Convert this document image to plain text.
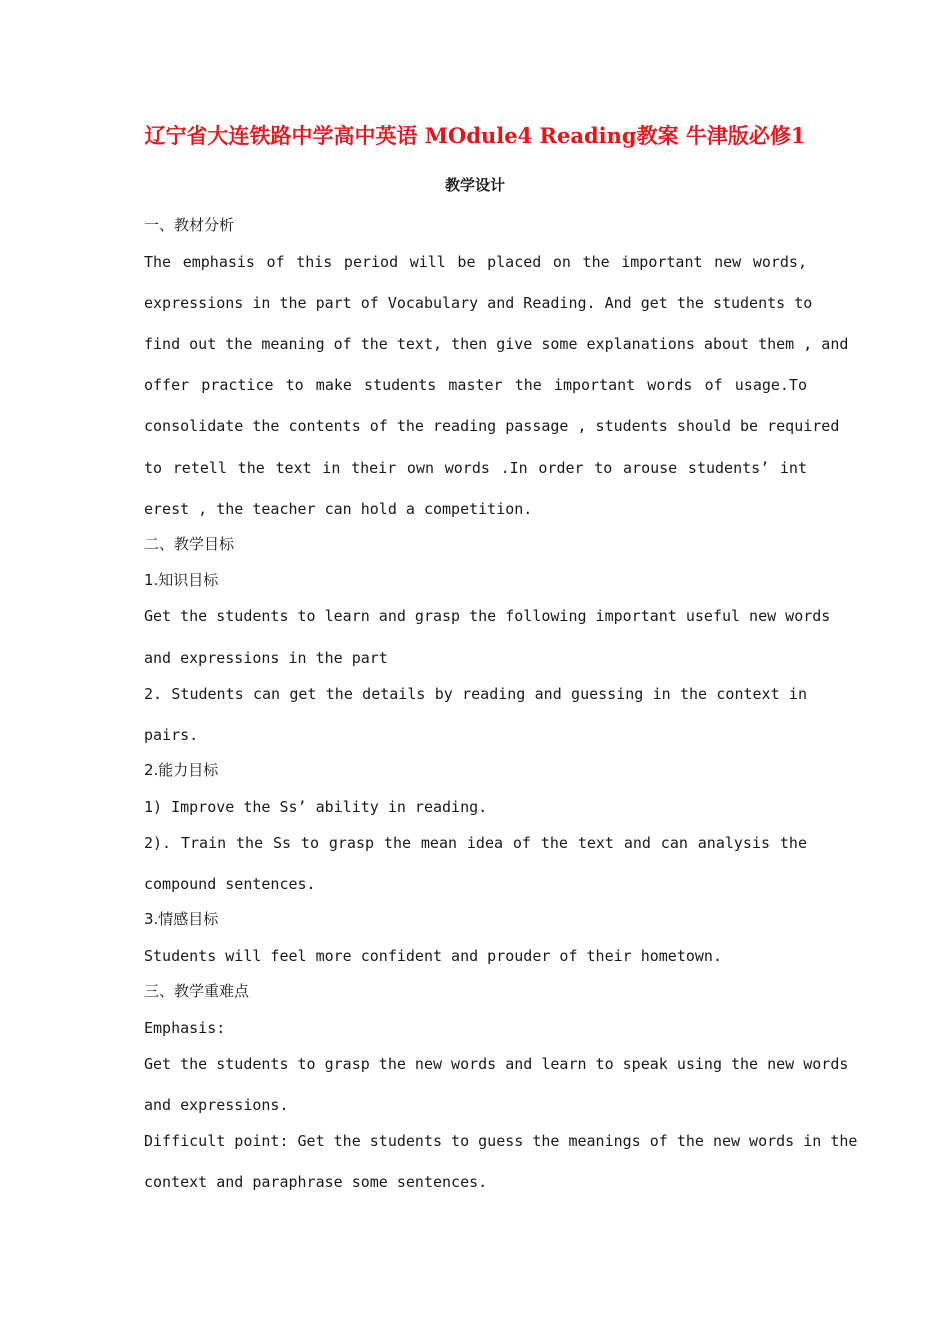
辽宁省大连铁路中学高中英语 MOdule4 Reading教案 牛津版必修1
教学设计
一、教材分析
The emphasis of this period will be placed on the important new words,
expressions in the part of Vocabulary and Reading. And get the students to
find out the meaning of the text, then give some explanations about them , and
offer practice to make students master the important words of usage.To
consolidate the contents of the reading passage , students should be required
to retell the text in their own words .In order to arouse students’ int
erest , the teacher can hold a competition.
二、教学目标
1.知识目标
Get the students to learn and grasp the following important useful new words
and expressions in the part
2. Students can get the details by reading and guessing in the context in
pairs.
2.能力目标
1) Improve the Ss’ ability in reading.
2). Train the Ss to grasp the mean idea of the text and can analysis the
compound sentences.
3.情感目标
Students will feel more confident and prouder of their hometown.
三、教学重难点
Emphasis:
Get the students to grasp the new words and learn to speak using the new words
and expressions.
Difficult point: Get the students to guess the meanings of the new words in the
context and paraphrase some sentences.
